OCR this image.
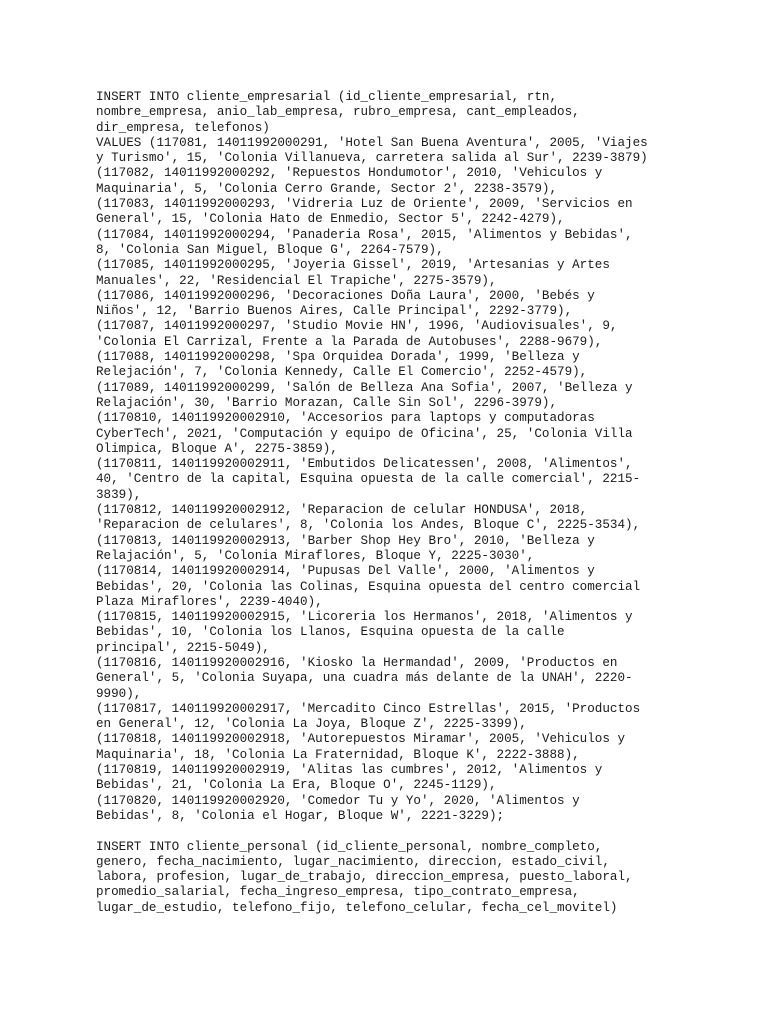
INSERT INTO cliente_empresarial (id_cliente_empresarial, rtn,
nombre_empresa, anio_lab_empresa, rubro_empresa, cant_empleados,
dir_empresa, telefonos)
VALUES (117081, 14011992000291, 'Hotel San Buena Aventura', 2005, 'Viajes
y Turismo', 15, 'Colonia Villanueva, carretera salida al Sur', 2239-3879)
(117082, 14011992000292, 'Repuestos Hondumotor', 2010, 'Vehiculos y
Maquinaria', 5, 'Colonia Cerro Grande, Sector 2', 2238-3579),
(117083, 14011992000293, 'Vidreria Luz de Oriente', 2009, 'Servicios en
General', 15, 'Colonia Hato de Enmedio, Sector 5', 2242-4279),
(117084, 14011992000294, 'Panaderia Rosa', 2015, 'Alimentos y Bebidas',
8, 'Colonia San Miguel, Bloque G', 2264-7579),
(117085, 14011992000295, 'Joyeria Gissel', 2019, 'Artesanias y Artes
Manuales', 22, 'Residencial El Trapiche', 2275-3579),
(117086, 14011992000296, 'Decoraciones Doña Laura', 2000, 'Bebés y
Niños', 12, 'Barrio Buenos Aires, Calle Principal', 2292-3779),
(117087, 14011992000297, 'Studio Movie HN', 1996, 'Audiovisuales', 9,
'Colonia El Carrizal, Frente a la Parada de Autobuses', 2288-9679),
(117088, 14011992000298, 'Spa Orquidea Dorada', 1999, 'Belleza y
Relejación', 7, 'Colonia Kennedy, Calle El Comercio', 2252-4579),
(117089, 14011992000299, 'Salón de Belleza Ana Sofia', 2007, 'Belleza y
Relajación', 30, 'Barrio Morazan, Calle Sin Sol', 2296-3979),
(1170810, 140119920002910, 'Accesorios para laptops y computadoras
CyberTech', 2021, 'Computación y equipo de Oficina', 25, 'Colonia Villa
Olimpica, Bloque A', 2275-3859),
(1170811, 140119920002911, 'Embutidos Delicatessen', 2008, 'Alimentos',
40, 'Centro de la capital, Esquina opuesta de la calle comercial', 2215-
3839),
(1170812, 140119920002912, 'Reparacion de celular HONDUSA', 2018,
'Reparacion de celulares', 8, 'Colonia los Andes, Bloque C', 2225-3534),
(1170813, 140119920002913, 'Barber Shop Hey Bro', 2010, 'Belleza y
Relajación', 5, 'Colonia Miraflores, Bloque Y, 2225-3030',
(1170814, 140119920002914, 'Pupusas Del Valle', 2000, 'Alimentos y
Bebidas', 20, 'Colonia las Colinas, Esquina opuesta del centro comercial
Plaza Miraflores', 2239-4040),
(1170815, 140119920002915, 'Licoreria los Hermanos', 2018, 'Alimentos y
Bebidas', 10, 'Colonia los Llanos, Esquina opuesta de la calle
principal', 2215-5049),
(1170816, 140119920002916, 'Kiosko la Hermandad', 2009, 'Productos en
General', 5, 'Colonia Suyapa, una cuadra más delante de la UNAH', 2220-
9990),
(1170817, 140119920002917, 'Mercadito Cinco Estrellas', 2015, 'Productos
en General', 12, 'Colonia La Joya, Bloque Z', 2225-3399),
(1170818, 140119920002918, 'Autorepuestos Miramar', 2005, 'Vehiculos y
Maquinaria', 18, 'Colonia La Fraternidad, Bloque K', 2222-3888),
(1170819, 140119920002919, 'Alitas las cumbres', 2012, 'Alimentos y
Bebidas', 21, 'Colonia La Era, Bloque O', 2245-1129),
(1170820, 140119920002920, 'Comedor Tu y Yo', 2020, 'Alimentos y
Bebidas', 8, 'Colonia el Hogar, Bloque W', 2221-3229);
INSERT INTO cliente_personal (id_cliente_personal, nombre_completo,
genero, fecha_nacimiento, lugar_nacimiento, direccion, estado_civil,
labora, profesion, lugar_de_trabajo, direccion_empresa, puesto_laboral,
promedio_salarial, fecha_ingreso_empresa, tipo_contrato_empresa,
lugar_de_estudio, telefono_fijo, telefono_celular, fecha_cel_movitel)
